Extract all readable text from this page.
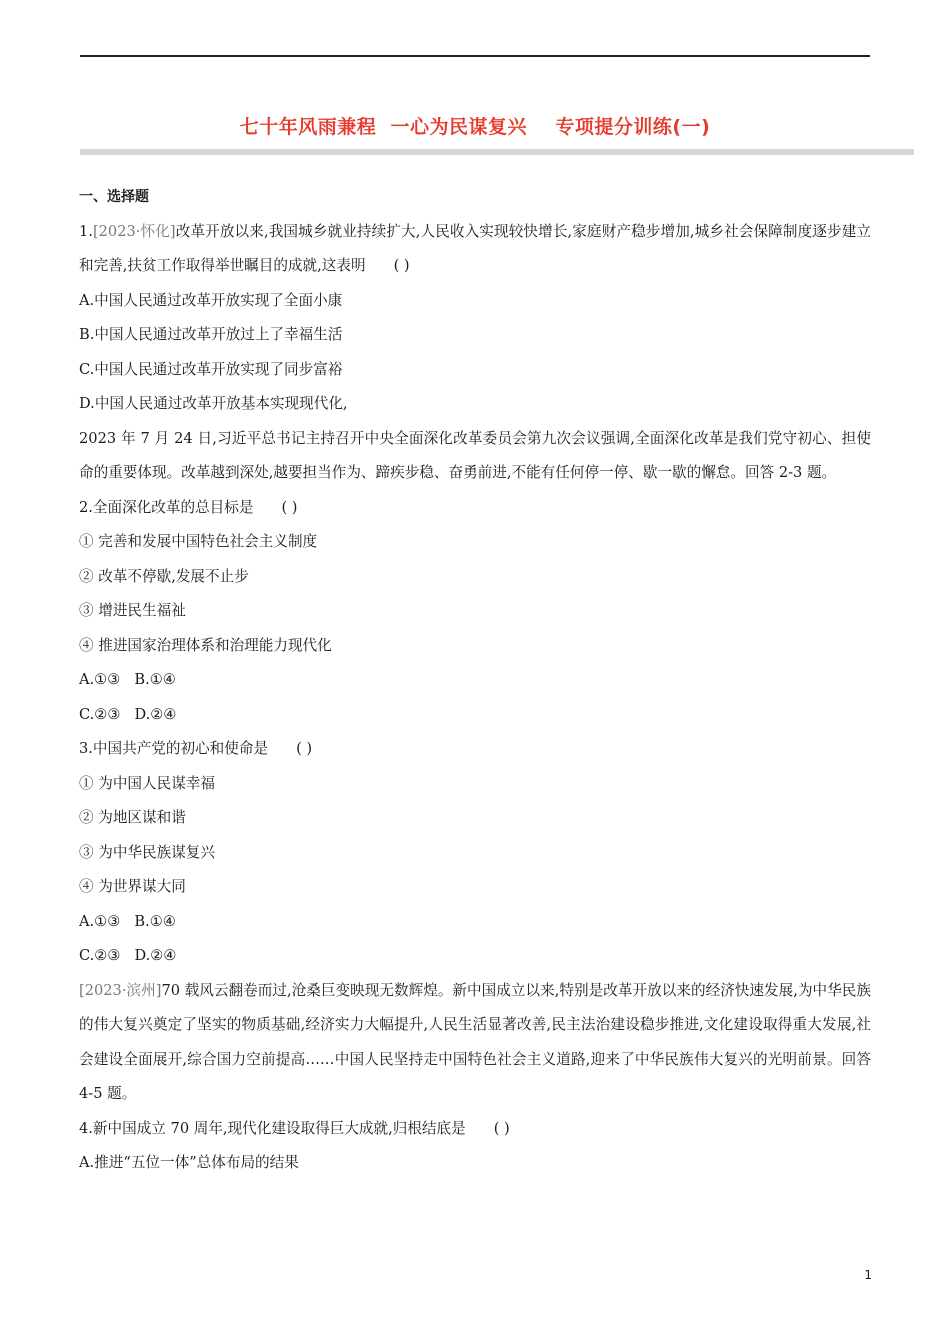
七十年风雨兼程  一心为民谋复兴    专项提分训练(一)
一、选择题
1.[2023·怀化]改革开放以来,我国城乡就业持续扩大,人民收入实现较快增长,家庭财产稳步增加,城乡社会保障制度逐步建立和完善,扶贫工作取得举世瞩目的成就,这表明 ( )
A.中国人民通过改革开放实现了全面小康
B.中国人民通过改革开放过上了幸福生活
C.中国人民通过改革开放实现了同步富裕
D.中国人民通过改革开放基本实现现代化,
2023 年 7 月 24 日,习近平总书记主持召开中央全面深化改革委员会第九次会议强调,全面深化改革是我们党守初心、担使命的重要体现。改革越到深处,越要担当作为、蹄疾步稳、奋勇前进,不能有任何停一停、歇一歇的懈怠。回答 2-3 题。
2.全面深化改革的总目标是 ( )
① 完善和发展中国特色社会主义制度
② 改革不停歇,发展不止步
③ 增进民生福祉
④ 推进国家治理体系和治理能力现代化
A.①③ B.①④
C.②③ D.②④
3.中国共产党的初心和使命是 ( )
① 为中国人民谋幸福
② 为地区谋和谐
③ 为中华民族谋复兴
④ 为世界谋大同
A.①③ B.①④
C.②③ D.②④
[2023·滨州]70 载风云翻卷而过,沧桑巨变映现无数辉煌。新中国成立以来,特别是改革开放以来的经济快速发展,为中华民族的伟大复兴奠定了坚实的物质基础,经济实力大幅提升,人民生活显著改善,民主法治建设稳步推进,文化建设取得重大发展,社会建设全面展开,综合国力空前提高……中国人民坚持走中国特色社会主义道路,迎来了中华民族伟大复兴的光明前景。回答 4-5 题。
4.新中国成立 70 周年,现代化建设取得巨大成就,归根结底是 ( )
A.推进“五位一体”总体布局的结果
1
